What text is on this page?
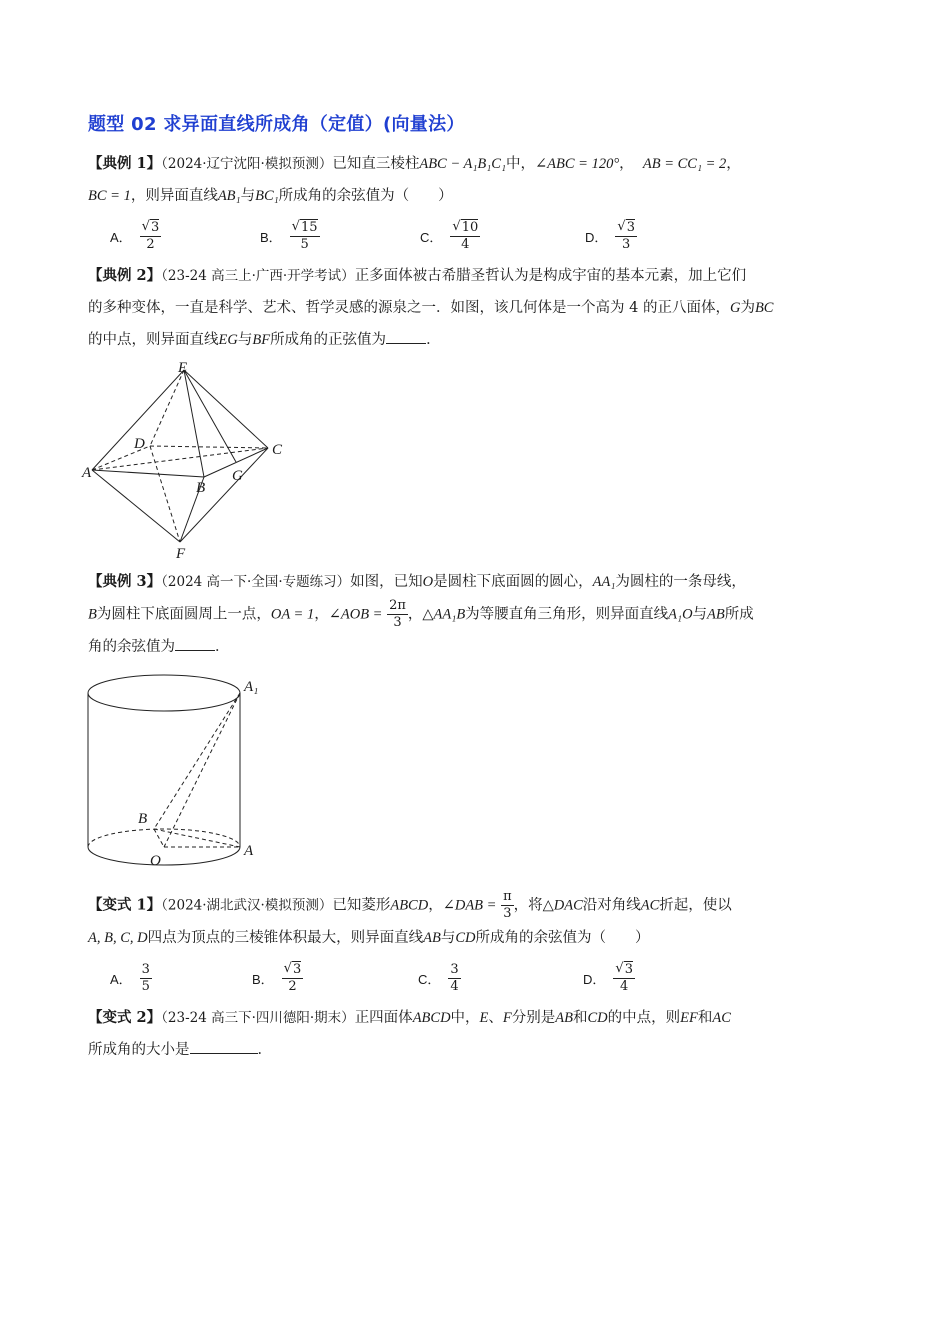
题型 02 求异面直线所成角（定值）(向量法）

【典例 1】（2024·辽宁沈阳·模拟预测）已知直三棱柱ABC − A₁B₁C₁中，∠ABC = 120°， AB = CC₁ = 2，
BC = 1，则异面直线AB₁与BC₁所成角的余弦值为（　　）

A． $\frac{√ 3}{2}$	B． $\frac{√ 15}{5}$	C． $\frac{√ 10}{4}$	D． $\frac{√ 3}{3}$

【典例 2】（23-24 高三上·广西·开学考试）正多面体被古希腊圣哲认为是构成宇宙的基本元素，加上它们
的多种变体，一直是科学、艺术、哲学灵感的源泉之一．如图，该几何体是一个高为 4 的正八面体，G为BC
的中点，则异面直线EG与BF所成角的正弦值为	．

E
D	C
A
B
G
F

【典例 3】（2024 高一下·全国·专题练习）如图，已知O是圆柱下底面圆的圆心，AA₁为圆柱的一条母线，
B为圆柱下底面圆周上一点，OA = 1，∠AOB = $\frac{2\pi}{3}$ ，△AA₁B为等腰直角三角形，则异面直线A₁O与AB所成
角的余弦值为	．

A₁
B
O
A

【变式 1】（2024·湖北武汉·模拟预测）已知菱形ABCD，∠DAB = $\frac{\pi}{3}$ ，将△DAC沿对角线AC折起，使以
A, B, C, D四点为顶点的三棱锥体积最大，则异面直线AB与CD所成角的余弦值为（　　）

A． $\frac{3}{5}$	B． $\frac{√ 3}{2}$	C． $\frac{3}{4}$	D． $\frac{√ 3}{4}$

【变式 2】（23-24 高三下·四川德阳·期末）正四面体ABCD中，E、F分别是AB和CD的中点，则EF和AC
所成角的大小是	．
